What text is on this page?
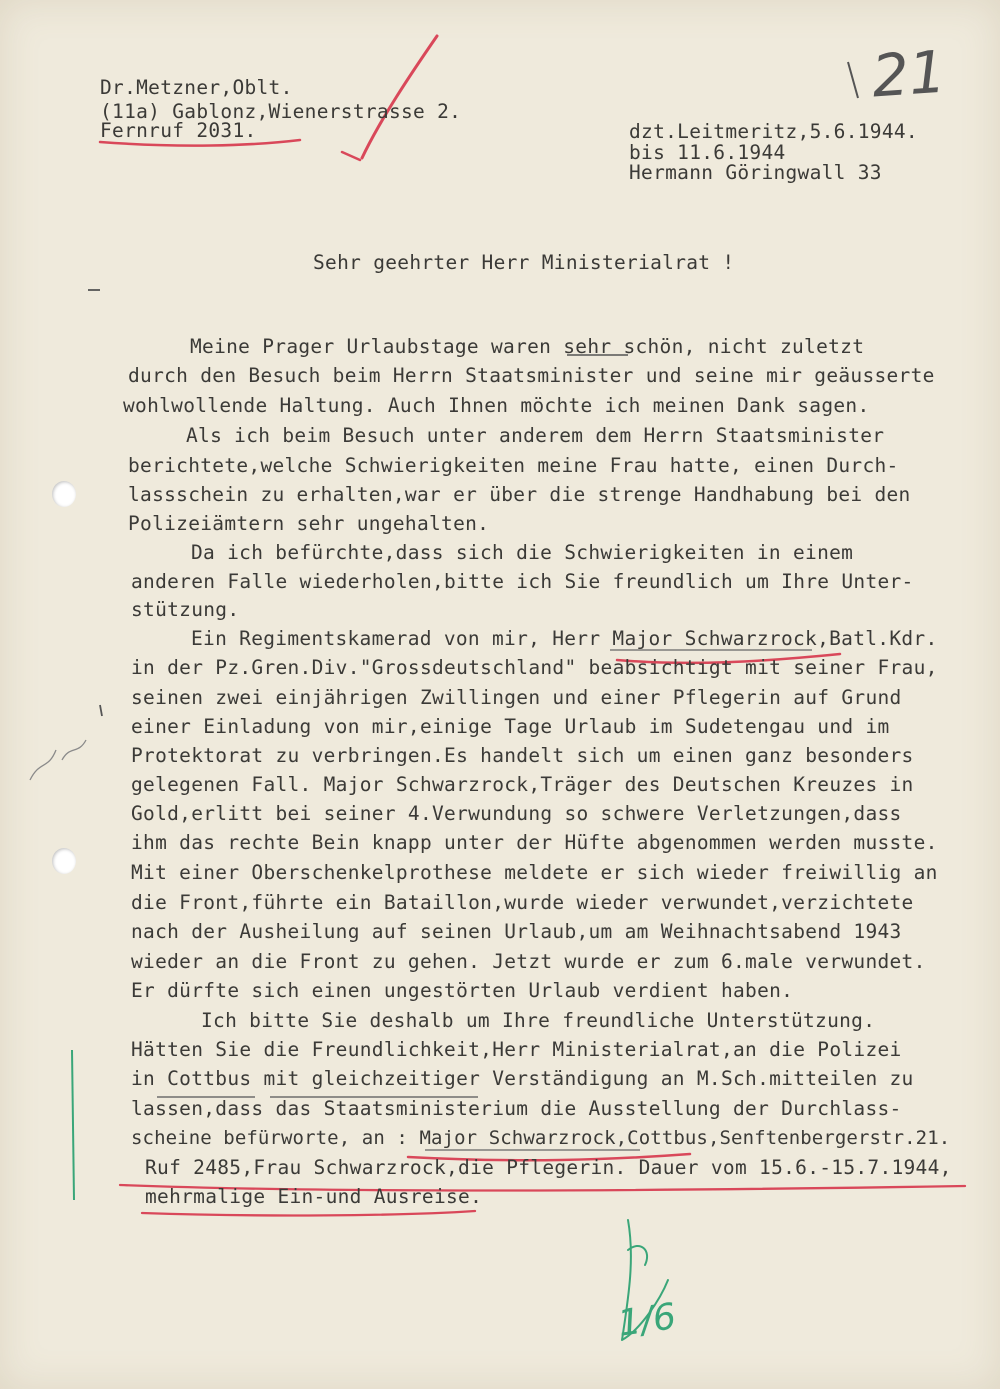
21
1/6
Dr.Metzner,Oblt.
(11a) Gablonz,Wienerstrasse 2.
Fernruf 2031.	dzt.Leitmeritz,5.6.1944.
bis 11.6.1944
Hermann Göringwall 33
Sehr geehrter Herr Ministerialrat !
Meine Prager Urlaubstage waren sehr schön, nicht zuletzt
durch den Besuch beim Herrn Staatsminister und seine mir geäusserte
wohlwollende Haltung. Auch Ihnen möchte ich meinen Dank sagen.
Als ich beim Besuch unter anderem dem Herrn Staatsminister
berichtete,welche Schwierigkeiten meine Frau hatte, einen Durch-
lassschein zu erhalten,war er über die strenge Handhabung bei den
Polizeiämtern sehr ungehalten.
Da ich befürchte,dass sich die Schwierigkeiten in einem
anderen Falle wiederholen,bitte ich Sie freundlich um Ihre Unter-
stützung.
Ein Regimentskamerad von mir, Herr Major Schwarzrock,Batl.Kdr.
in der Pz.Gren.Div."Grossdeutschland" beabsichtigt mit seiner Frau,
seinen zwei einjährigen Zwillingen und einer Pflegerin auf Grund
einer Einladung von mir,einige Tage Urlaub im Sudetengau und im
Protektorat zu verbringen.Es handelt sich um einen ganz besonders
gelegenen Fall. Major Schwarzrock,Träger des Deutschen Kreuzes in
Gold,erlitt bei seiner 4.Verwundung so schwere Verletzungen,dass
ihm das rechte Bein knapp unter der Hüfte abgenommen werden musste.
Mit einer Oberschenkelprothese meldete er sich wieder freiwillig an
die Front,führte ein Bataillon,wurde wieder verwundet,verzichtete
nach der Ausheilung auf seinen Urlaub,um am Weihnachtsabend 1943
wieder an die Front zu gehen. Jetzt wurde er zum 6.male verwundet.
Er dürfte sich einen ungestörten Urlaub verdient haben.
Ich bitte Sie deshalb um Ihre freundliche Unterstützung.
Hätten Sie die Freundlichkeit,Herr Ministerialrat,an die Polizei
in Cottbus mit gleichzeitiger Verständigung an M.Sch.mitteilen zu
lassen,dass das Staatsministerium die Ausstellung der Durchlass-
scheine befürworte, an : Major Schwarzrock,Cottbus,Senftenbergerstr.21.
Ruf 2485,Frau Schwarzrock,die Pflegerin. Dauer vom 15.6.-15.7.1944,
mehrmalige Ein-und Ausreise.
